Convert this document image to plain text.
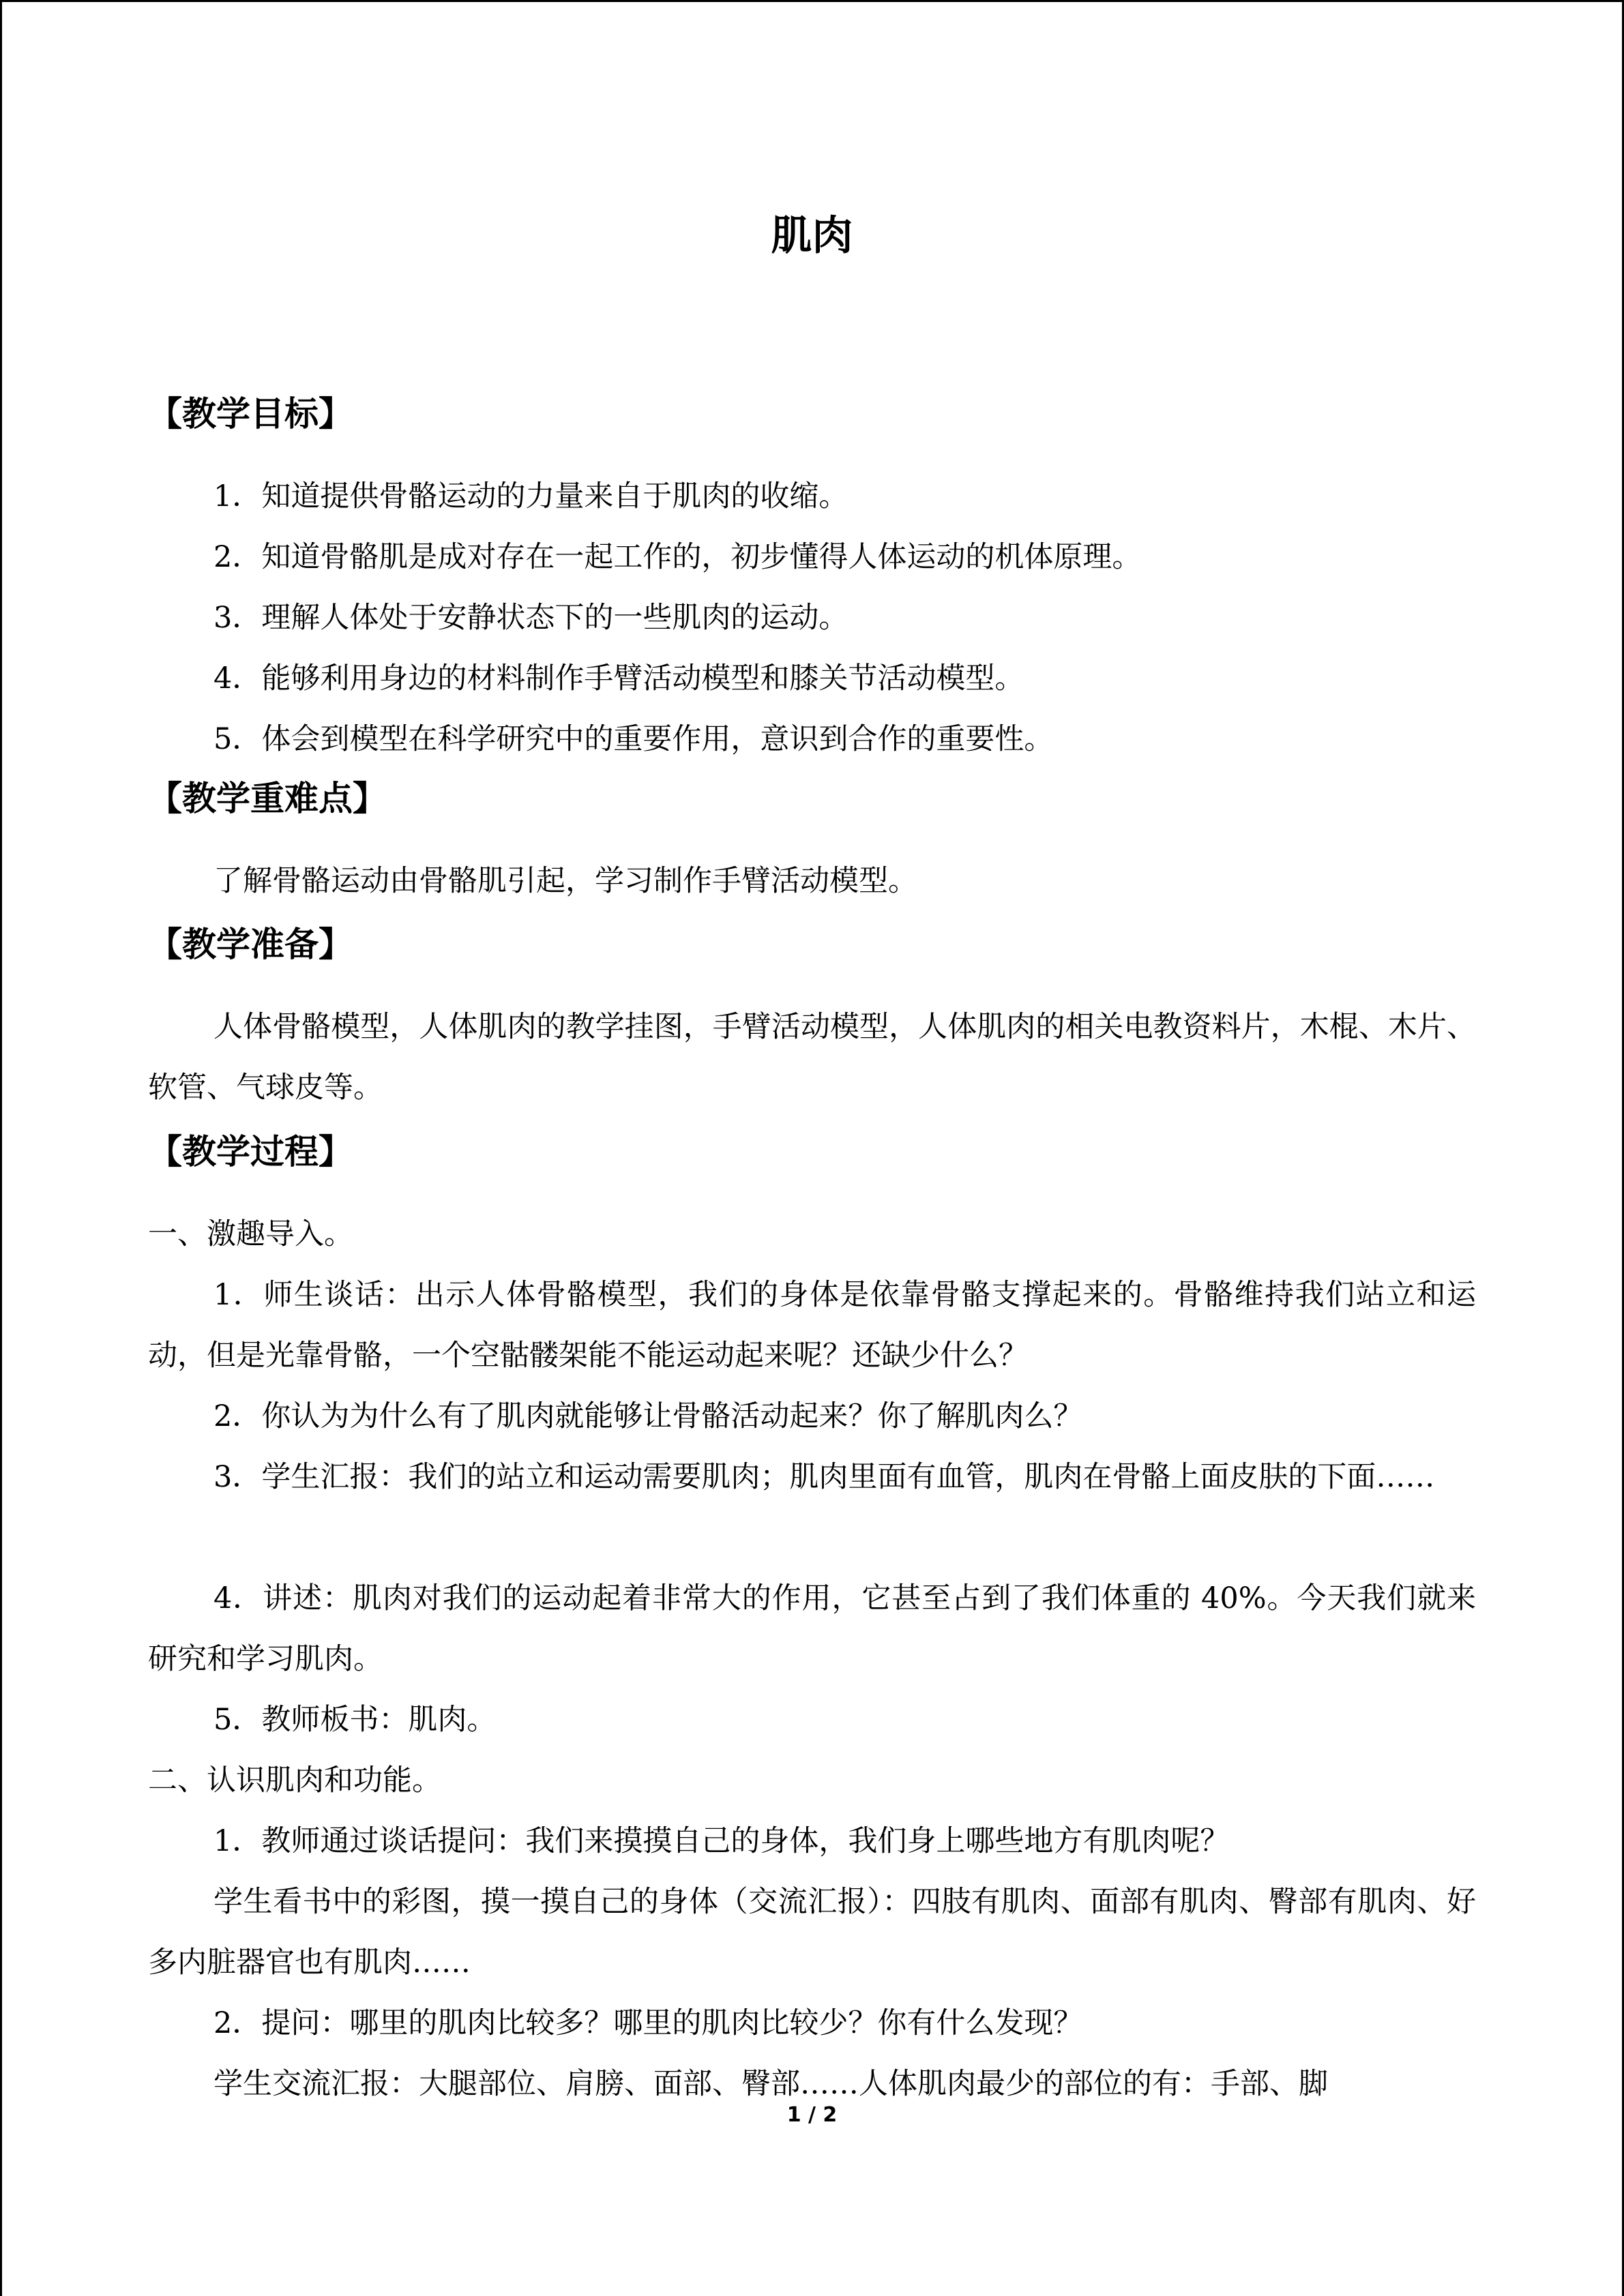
肌肉
【教学目标】
1．知道提供骨骼运动的力量来自于肌肉的收缩。
2．知道骨骼肌是成对存在一起工作的，初步懂得人体运动的机体原理。
3．理解人体处于安静状态下的一些肌肉的运动。
4．能够利用身边的材料制作手臂活动模型和膝关节活动模型。
5．体会到模型在科学研究中的重要作用，意识到合作的重要性。
【教学重难点】
了解骨骼运动由骨骼肌引起，学习制作手臂活动模型。
【教学准备】
人体骨骼模型，人体肌肉的教学挂图，手臂活动模型，人体肌肉的相关电教资料片，木棍、木片、软管、气球皮等。
【教学过程】
一、激趣导入。
1．师生谈话：出示人体骨骼模型，我们的身体是依靠骨骼支撑起来的。骨骼维持我们站立和运动，但是光靠骨骼，一个空骷髅架能不能运动起来呢？还缺少什么？
2．你认为为什么有了肌肉就能够让骨骼活动起来？你了解肌肉么？
3．学生汇报：我们的站立和运动需要肌肉；肌肉里面有血管，肌肉在骨骼上面皮肤的下面……
4．讲述：肌肉对我们的运动起着非常大的作用，它甚至占到了我们体重的 40%。今天我们就来研究和学习肌肉。
5．教师板书：肌肉。
二、认识肌肉和功能。
1．教师通过谈话提问：我们来摸摸自己的身体，我们身上哪些地方有肌肉呢？
学生看书中的彩图，摸一摸自己的身体（交流汇报）：四肢有肌肉、面部有肌肉、臀部有肌肉、好多内脏器官也有肌肉……
2．提问：哪里的肌肉比较多？哪里的肌肉比较少？你有什么发现？
学生交流汇报：大腿部位、肩膀、面部、臀部……人体肌肉最少的部位的有：手部、脚
1 / 2
